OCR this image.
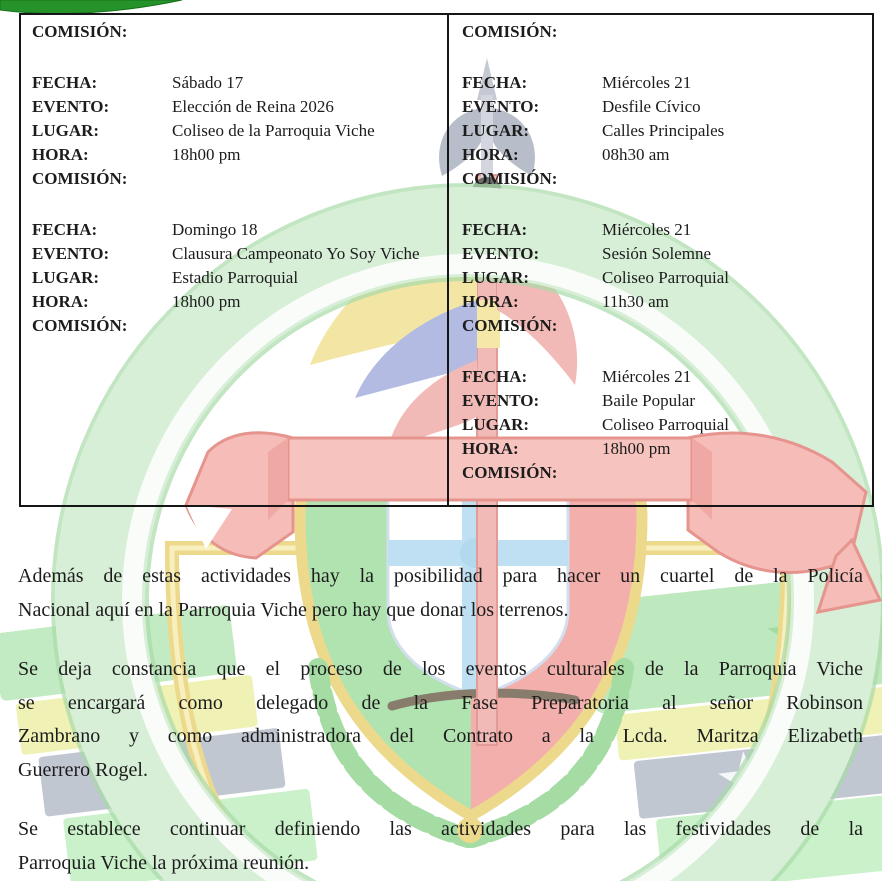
COMISIÓN:
FECHA:	Sábado 17
EVENTO:	Elección de Reina 2026
LUGAR:	Coliseo de la Parroquia Viche
HORA:	18h00 pm
COMISIÓN:
FECHA:	Domingo 18
EVENTO:	Clausura Campeonato Yo Soy Viche
LUGAR:	Estadio Parroquial
HORA:	18h00 pm
COMISIÓN:
COMISIÓN:
FECHA:	Miércoles 21
EVENTO:	Desfile Cívico
LUGAR:	Calles Principales
HORA:	08h30 am
COMISIÓN:
FECHA:	Miércoles 21
EVENTO:	Sesión Solemne
LUGAR:	Coliseo Parroquial
HORA:	11h30 am
COMISIÓN:
FECHA:	Miércoles 21
EVENTO:	Baile Popular
LUGAR:	Coliseo Parroquial
HORA:	18h00 pm
COMISIÓN:
Además de estas actividades hay la posibilidad para hacer un cuartel de la Policía
Nacional aquí en la Parroquia Viche pero hay que donar los terrenos.
Se deja constancia que el proceso de los eventos culturales de la Parroquia Viche
se encargará como delegado de la Fase Preparatoria al señor Robinson
Zambrano y como administradora del Contrato a la Lcda. Maritza Elizabeth
Guerrero Rogel.
Se establece continuar definiendo las actividades para las festividades de la
Parroquia Viche la próxima reunión.
